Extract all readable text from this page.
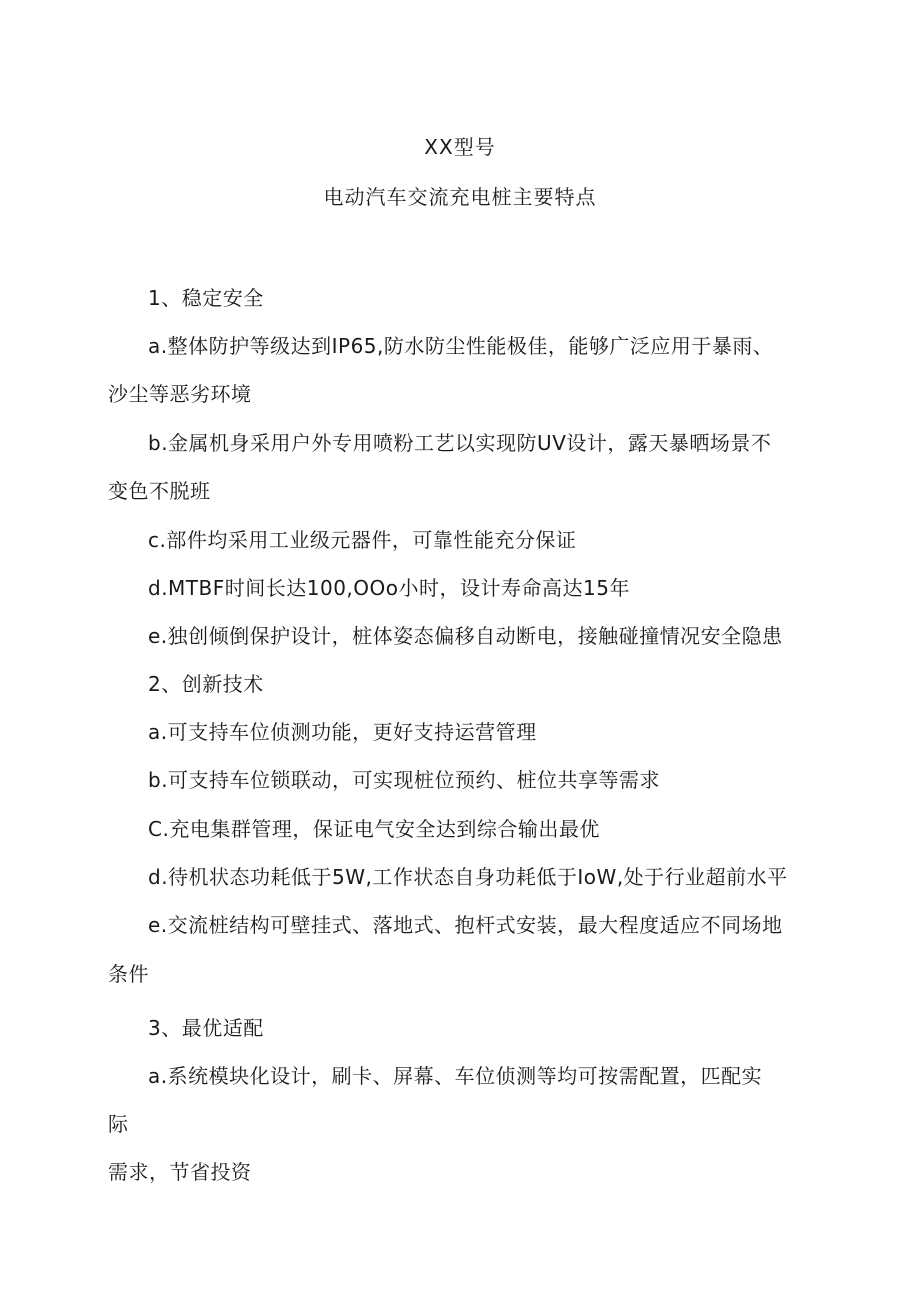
XX型号
电动汽车交流充电桩主要特点
1、稳定安全
a.整体防护等级达到IP65,防水防尘性能极佳，能够广泛应用于暴雨、
沙尘等恶劣环境
b.金属机身采用户外专用喷粉工艺以实现防UV设计，露天暴晒场景不
变色不脱班
c.部件均采用工业级元器件，可靠性能充分保证
d.MTBF时间长达100,OOo小时，设计寿命高达15年
e.独创倾倒保护设计，桩体姿态偏移自动断电，接触碰撞情况安全隐患
2、创新技术
a.可支持车位侦测功能，更好支持运营管理
b.可支持车位锁联动，可实现桩位预约、桩位共享等需求
C.充电集群管理，保证电气安全达到综合输出最优
d.待机状态功耗低于5W,工作状态自身功耗低于IoW,处于行业超前水平
e.交流桩结构可壁挂式、落地式、抱杆式安装，最大程度适应不同场地
条件
3、最优适配
a.系统模块化设计，刷卡、屏幕、车位侦测等均可按需配置，匹配实
际
需求，节省投资
